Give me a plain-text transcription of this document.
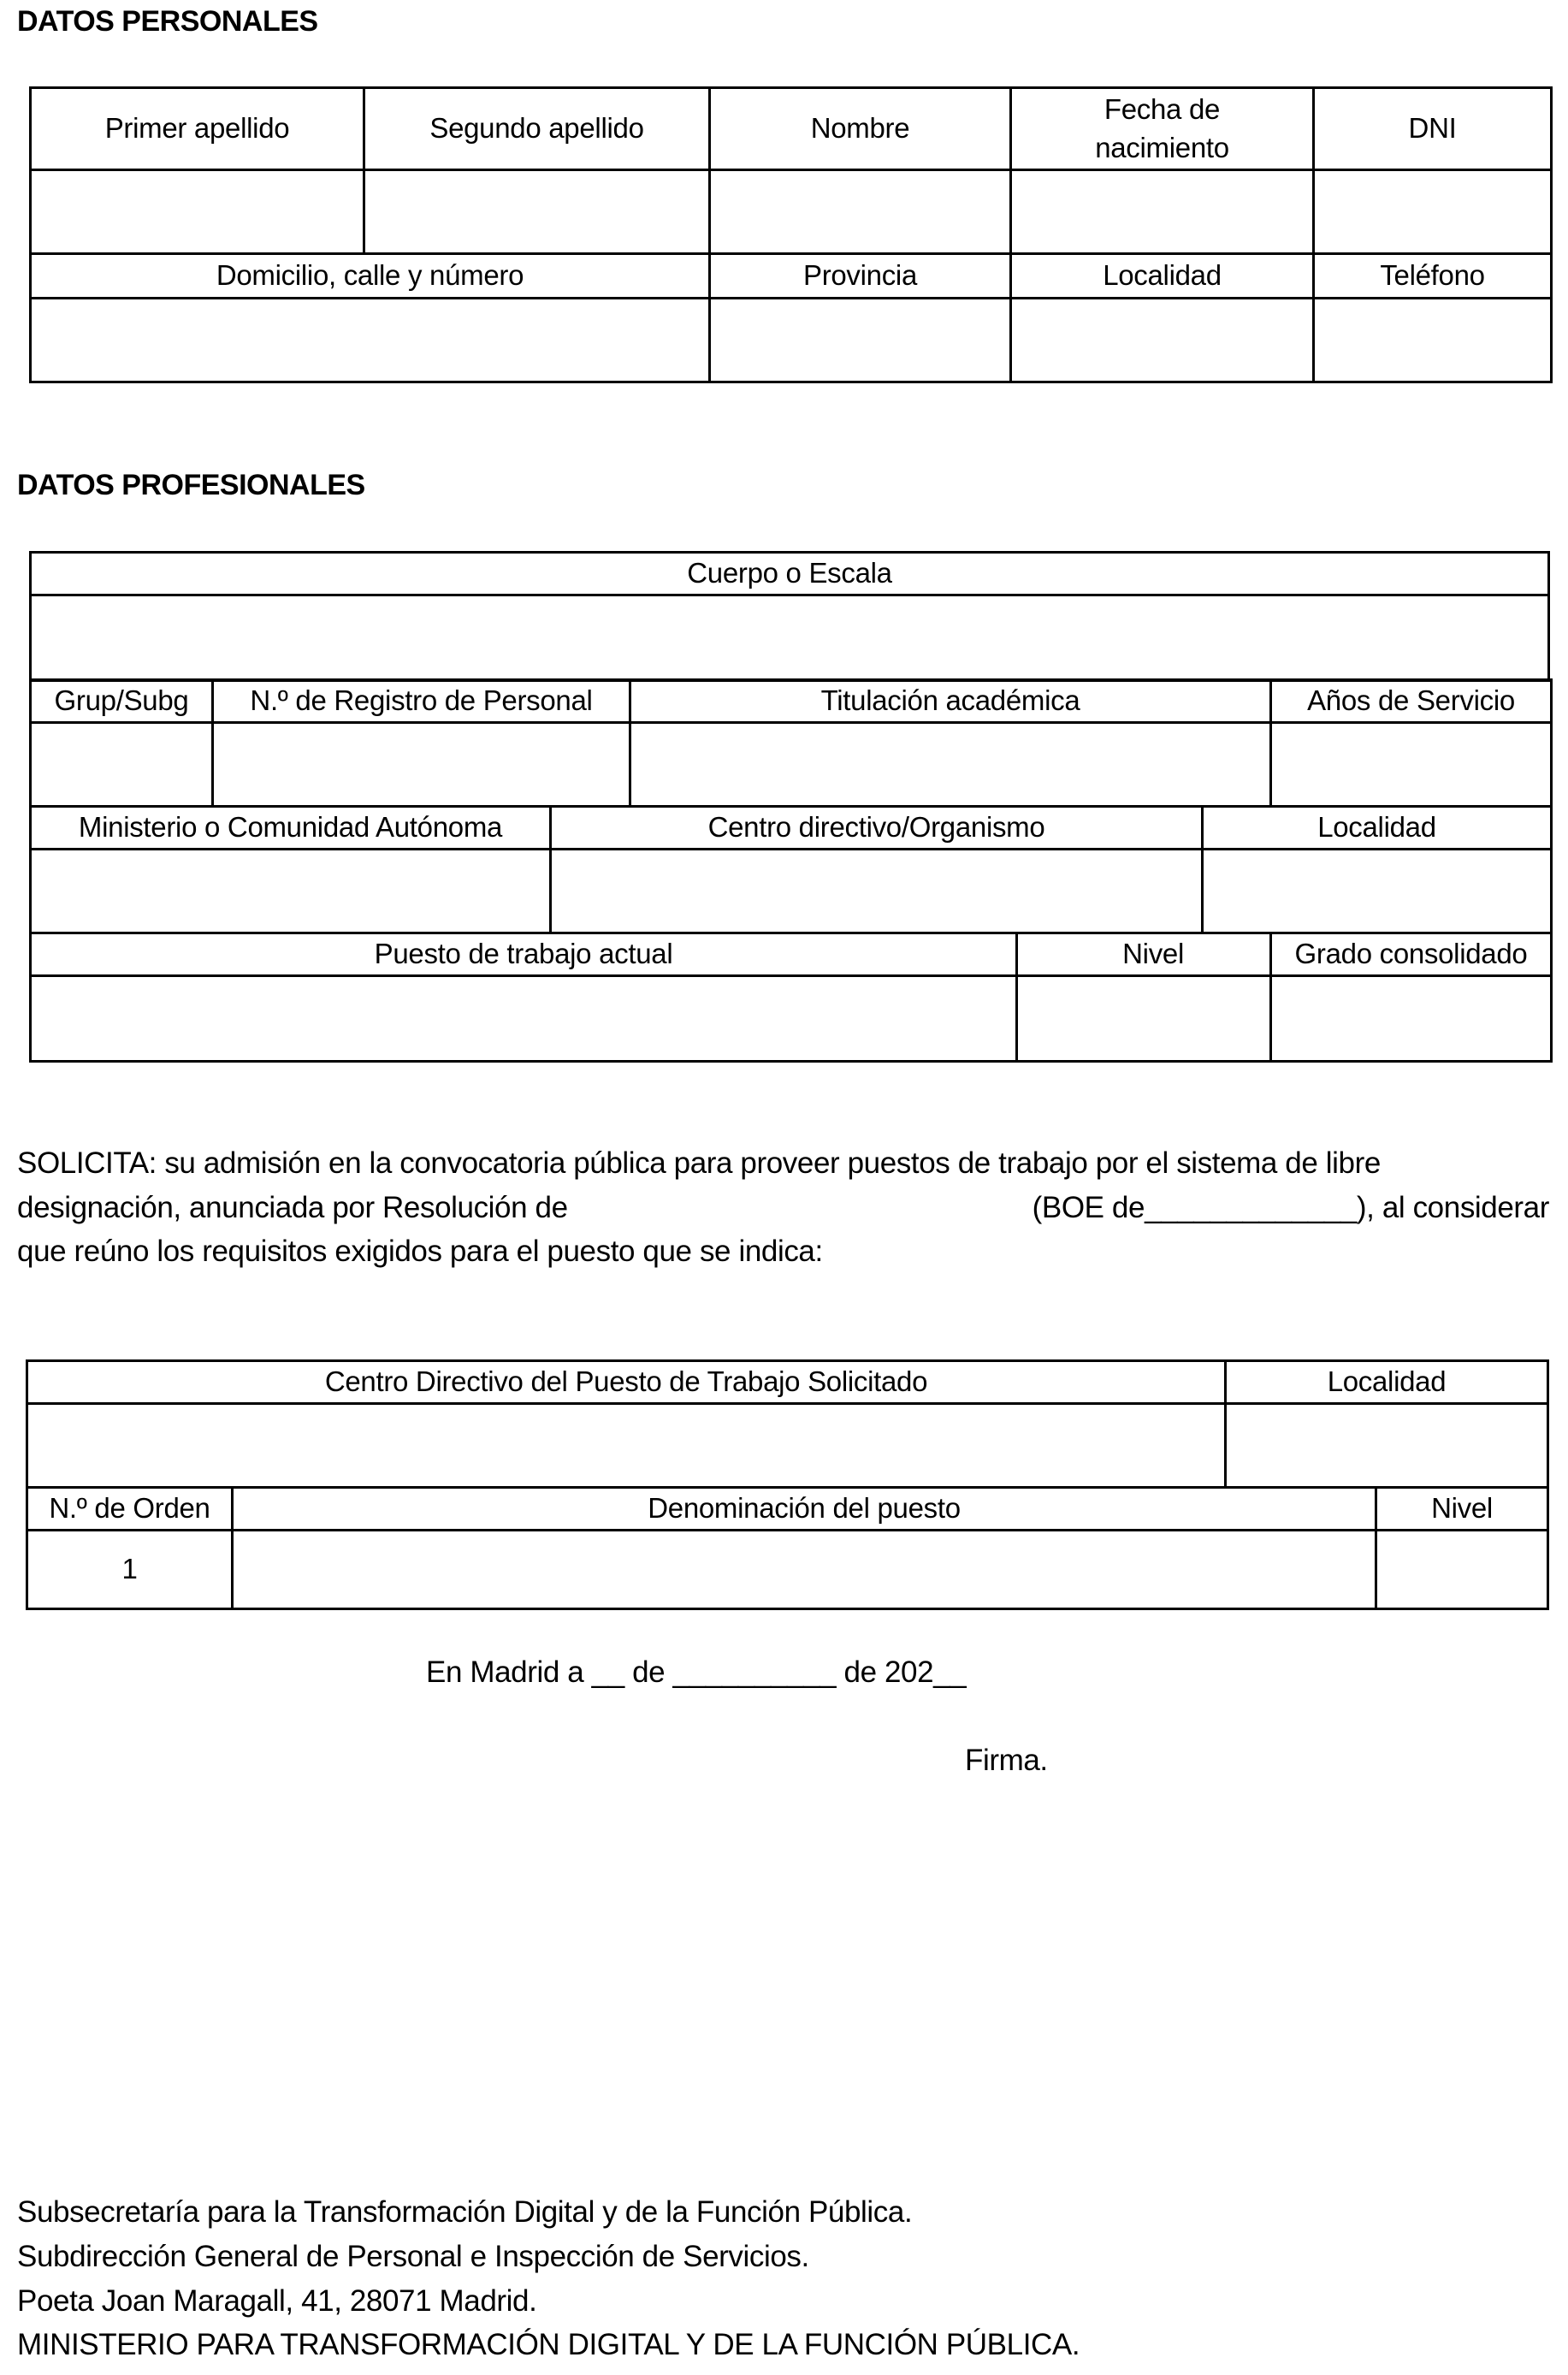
DATOS PERSONALES
Primer apellido	Segundo apellido	Nombre	Fecha de nacimiento	DNI

Domicilio, calle y número		Provincia	Localidad	Teléfono

DATOS PROFESIONALES
Cuerpo o Escala

Grup/Subg	N.º de Registro de Personal	Titulación académica	Años de Servicio

Ministerio o Comunidad Autónoma	Centro directivo/Organismo	Localidad

Puesto de trabajo actual	Nivel	Grado consolidado

SOLICITA: su admisión en la convocatoria pública para proveer puestos de trabajo por el sistema de libre
designación, anunciada por Resolución de	(BOE de_____________), al considerar
que reúno los requisitos exigidos para el puesto que se indica:
Centro Directivo del Puesto de Trabajo Solicitado	Localidad

N.º de Orden	Denominación del puesto	Nivel
1		
En Madrid a __ de __________ de 202__
Firma.
Subsecretaría para la Transformación Digital y de la Función Pública.
Subdirección General de Personal e Inspección de Servicios.
Poeta Joan Maragall, 41, 28071 Madrid.
MINISTERIO PARA TRANSFORMACIÓN DIGITAL Y DE LA FUNCIÓN PÚBLICA.
